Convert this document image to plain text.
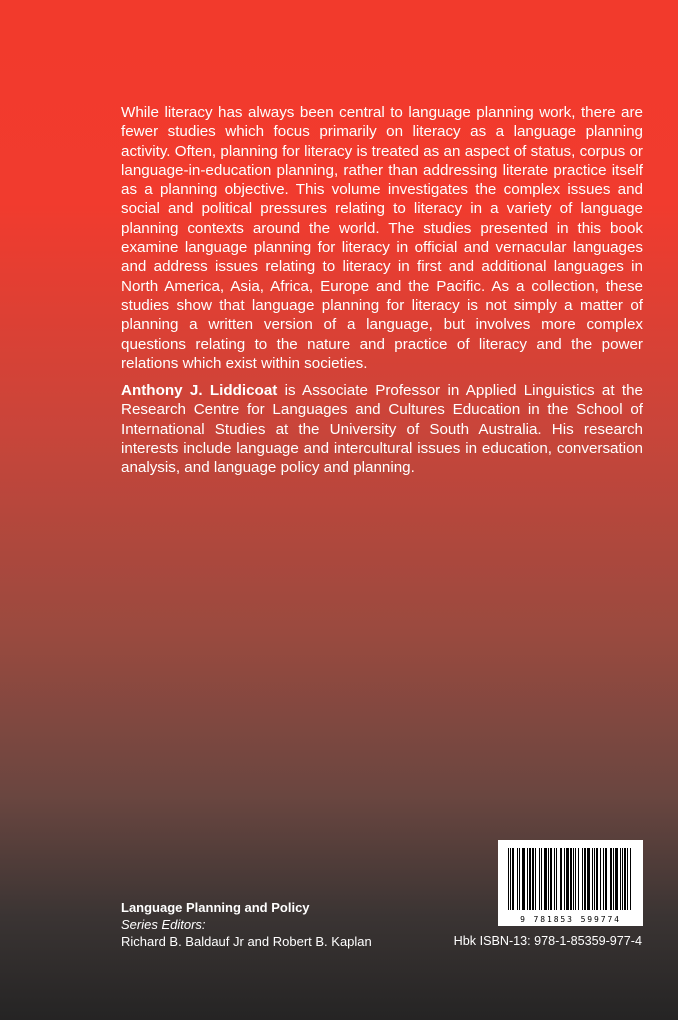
While literacy has always been central to language planning work, there are fewer studies which focus primarily on literacy as a language planning activity. Often, planning for literacy is treated as an aspect of status, corpus or language-in-education planning, rather than addressing literate practice itself as a planning objective. This volume investigates the complex issues and social and political pressures relating to literacy in a variety of language planning contexts around the world. The studies presented in this book examine language planning for literacy in official and vernacular languages and address issues relating to literacy in first and additional languages in North America, Asia, Africa, Europe and the Pacific. As a collection, these studies show that language planning for literacy is not simply a matter of planning a written version of a language, but involves more complex questions relating to the nature and practice of literacy and the power relations which exist within societies.

Anthony J. Liddicoat is Associate Professor in Applied Linguistics at the Research Centre for Languages and Cultures Education in the School of International Studies at the University of South Australia. His research interests include language and intercultural issues in education, conversation analysis, and language policy and planning.

Language Planning and Policy
Series Editors:
Richard B. Baldauf Jr and Robert B. Kaplan
9 781853 599774
Hbk ISBN-13: 978-1-85359-977-4
